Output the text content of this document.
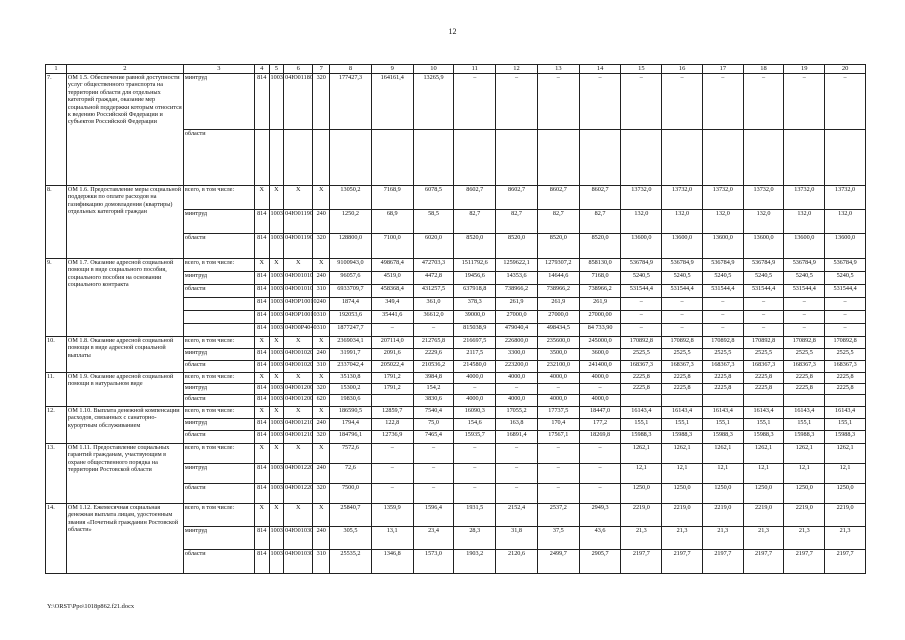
12
1	2	3	4	5	6	7	8	9	10	11	12	13	14	15	16	17	18	19	20
7.	ОМ 1.5. Обеспечение равной доступности услуг общественного транспорта на территории области для отдельных категорий граждан, оказание мер социальной поддержки которым относится к ведению Российской Федерации и субъектов Российской Федерации	минтруд	814	1003	04Ю01180	320	177427,3	164161,4	13265,9	–	–	–	–	–	–	–	–	–	–
		области																	
8.	ОМ 1.6. Предоставление меры социальной поддержки по оплате расходов на газификацию домовладения (квартиры) отдельных категорий граждан	всего, в том числе:	X	X	X	X	13050,2	7168,9	6078,5	8602,7	8602,7	8602,7	8602,7	13732,0	13732,0	13732,0	13732,0	13732,0	13732,0
		минтруд	814	1003	04Ю01190	240	1250,2	68,9	58,5	82,7	82,7	82,7	82,7	132,0	132,0	132,0	132,0	132,0	132,0
		области	814	1003	04Ю01190	320	128800,0	7100,0	6020,0	8520,0	8520,0	8520,0	8520,0	13600,0	13600,0	13600,0	13600,0	13600,0	13600,0
9.	ОМ 1.7. Оказание адресной социальной помощи в виде социального пособия, социального пособия на основании социального контракта	всего, в том числе:	X	X	X	X	9100943,0	498678,4	472703,3	1511792,6	1259622,1	1279307,2	858130,0	536784,9	536784,9	536784,9	536784,9	536784,9	536784,9
		минтруд	814	1003	04Ю01010	240	96057,6	4519,0	4472,8	19456,6	14353,6	14644,6	7168,0	5240,5	5240,5	5240,5	5240,5	5240,5	5240,5
		области	814	1003	04Ю01010	310	6933709,7	458368,4	431257,5	637918,8	738966,2	738966,2	738966,2	531544,4	531544,4	531544,4	531544,4	531544,4	531544,4
			814	1003	04ЮР10010	240	1874,4	349,4	361,0	378,3	261,9	261,9	261,9	–	–	–	–	–	–
			814	1003	04ЮР10010	310	192053,6	35441,6	36612,0	39000,0	27000,0	27000,0	27000,00	–	–	–	–	–	–
			814	1003	04Ю0Р4040	310	1877247,7	–	–	815038,9	479040,4	498434,5	84 733,90	–	–	–	–	–	–
10.	ОМ 1.8. Оказание адресной социальной помощи в виде адресной социальной выплаты	всего, в том числе:	X	X	X	X	2369034,1	207114,0	212765,8	216697,5	226800,0	235600,0	245000,0	170892,8	170892,8	170892,8	170892,8	170892,8	170892,8
		минтруд	814	1003	04Ю01020	240	31991,7	2091,6	2229,6	2117,5	3300,0	3500,0	3600,0	2525,5	2525,5	2525,5	2525,5	2525,5	2525,5
		области	814	1003	04Ю01020	310	2337042,4	205022,4	210536,2	214580,0	223200,0	232100,0	241400,0	168367,3	168367,3	168367,3	168367,3	168367,3	168367,3
11.	ОМ 1.9. Оказание адресной социальной помощи в натуральном виде	всего, в том числе:	X	X	X	X	35130,8	1791,2	3984,8	4000,0	4000,0	4000,0	4000,0	2225,8	2225,8	2225,8	2225,8	2225,8	2225,8
		минтруд	814	1003	04Ю01200	320	15300,2	1791,2	154,2	–	–	–	–	2225,8	2225,8	2225,8	2225,8	2225,8	2225,8
		области	814	1003	04Ю01200	620	19830,6		3830,6	4000,0	4000,0	4000,0	4000,0						
12.	ОМ 1.10. Выплата денежной компенсации расходов, связанных с санаторно-курортным обслуживанием	всего, в том числе:	X	X	X	X	186590,5	12859,7	7540,4	16090,3	17055,2	17737,5	18447,0	16143,4	16143,4	16143,4	16143,4	16143,4	16143,4
		минтруд	814	1003	04Ю01210	240	1794,4	122,8	75,0	154,6	163,8	170,4	177,2	155,1	155,1	155,1	155,1	155,1	155,1
		области	814	1003	04Ю01210	320	184796,1	12736,9	7465,4	15935,7	16891,4	17567,1	18269,8	15988,3	15988,3	15988,3	15988,3	15988,3	15988,3
13.	ОМ 1.11. Предоставление социальных гарантий гражданам, участвующим в охране общественного порядка на территории Ростовской области	всего, в том числе:	X	X	X	X	7572,6	–	–	–	–	–	–	1262,1	1262,1	1262,1	1262,1	1262,1	1262,1
		минтруд	814	1003	04Ю01220	240	72,6	–	–	–	–	–	–	12,1	12,1	12,1	12,1	12,1	12,1
		области	814	1003	04Ю01220	320	7500,0	–	–	–	–	–	–	1250,0	1250,0	1250,0	1250,0	1250,0	1250,0
14.	ОМ 1.12. Ежемесячная социальная денежная выплата лицам, удостоенным звания «Почетный гражданин Ростовской области»	всего, в том числе:	X	X	X	X	25840,7	1359,9	1596,4	1931,5	2152,4	2537,2	2949,3	2219,0	2219,0	2219,0	2219,0	2219,0	2219,0
		минтруд	814	1003	04Ю01030	240	305,5	13,1	23,4	28,3	31,8	37,5	43,6	21,3	21,3	21,3	21,3	21,3	21,3
		области	814	1003	04Ю01030	310	25535,2	1346,8	1573,0	1903,2	2120,6	2499,7	2905,7	2197,7	2197,7	2197,7	2197,7	2197,7	2197,7
Y:\ORST\Ppo\1018p862.f21.docx
